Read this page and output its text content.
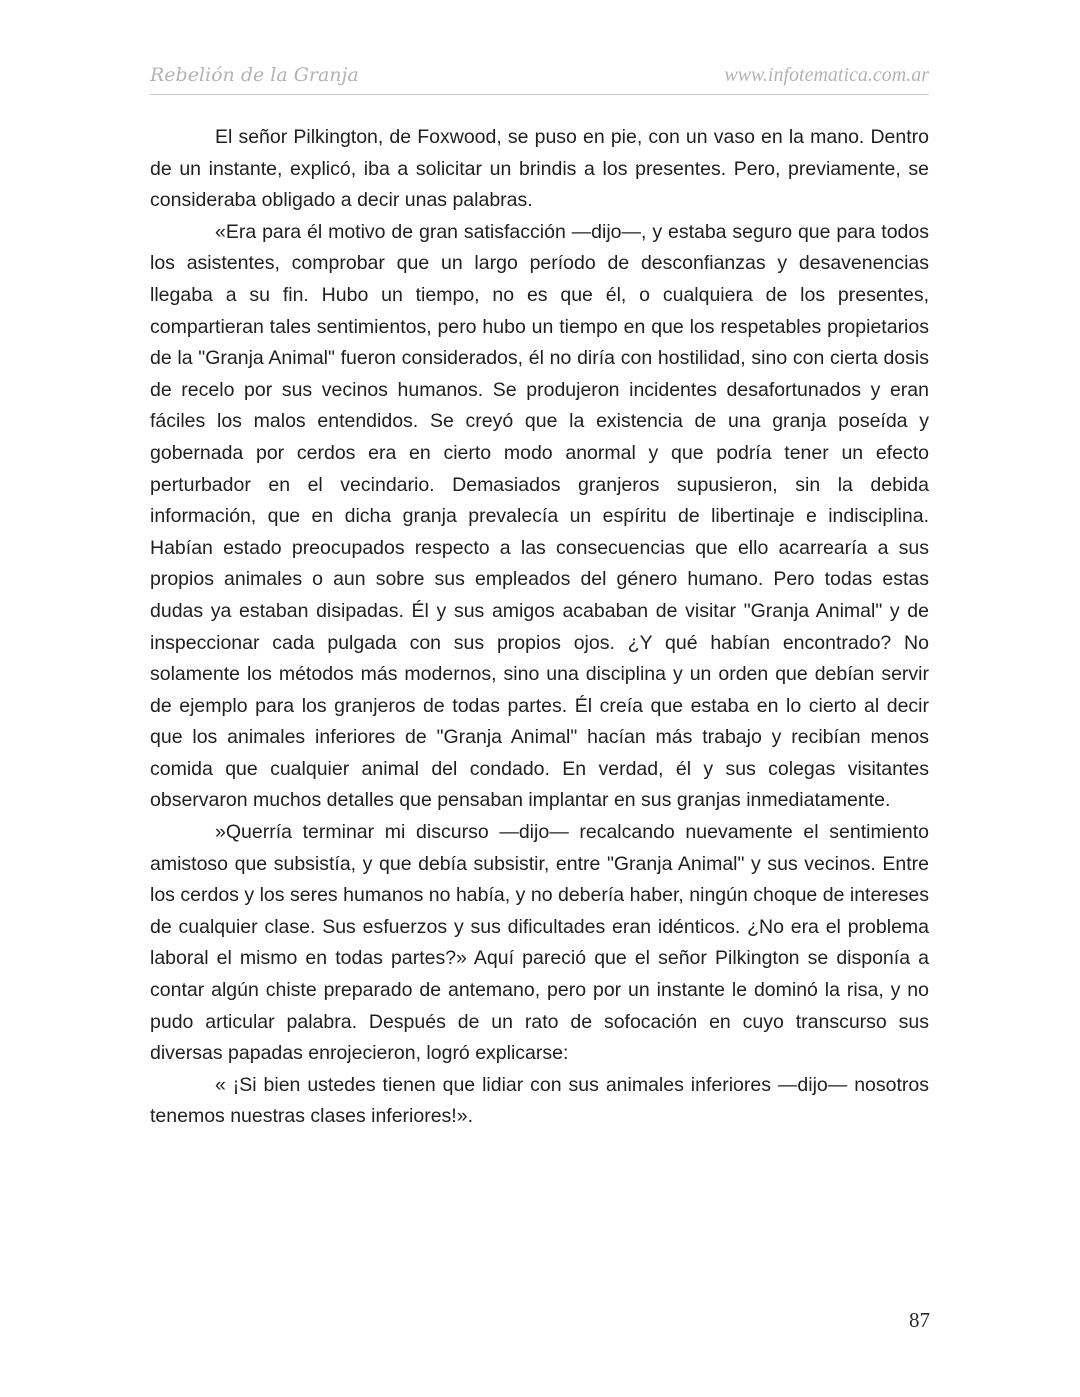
Rebelión de la Granja	www.infotematica.com.ar

El señor Pilkington, de Foxwood, se puso en pie, con un vaso en la mano. Dentro de un instante, explicó, iba a solicitar un brindis a los presentes. Pero, previamente, se consideraba obligado a decir unas palabras.

«Era para él motivo de gran satisfacción —dijo—, y estaba seguro que para todos los asistentes, comprobar que un largo período de desconfianzas y desavenencias llegaba a su fin. Hubo un tiempo, no es que él, o cualquiera de los presentes, compartieran tales sentimientos, pero hubo un tiempo en que los respetables propietarios de la "Granja Animal" fueron considerados, él no diría con hostilidad, sino con cierta dosis de recelo por sus vecinos humanos. Se produjeron incidentes desafortunados y eran fáciles los malos entendidos. Se creyó que la existencia de una granja poseída y gobernada por cerdos era en cierto modo anormal y que podría tener un efecto perturbador en el vecindario. Demasiados granjeros supusieron, sin la debida información, que en dicha granja prevalecía un espíritu de libertinaje e indisciplina. Habían estado preocupados respecto a las consecuencias que ello acarrearía a sus propios animales o aun sobre sus empleados del género humano. Pero todas estas dudas ya estaban disipadas. Él y sus amigos acababan de visitar "Granja Animal" y de inspeccionar cada pulgada con sus propios ojos. ¿Y qué habían encontrado? No solamente los métodos más modernos, sino una disciplina y un orden que debían servir de ejemplo para los granjeros de todas partes. Él creía que estaba en lo cierto al decir que los animales inferiores de "Granja Animal" hacían más trabajo y recibían menos comida que cualquier animal del condado. En verdad, él y sus colegas visitantes observaron muchos detalles que pensaban implantar en sus granjas inmediatamente.

»Querría terminar mi discurso —dijo— recalcando nuevamente el sentimiento amistoso que subsistía, y que debía subsistir, entre "Granja Animal" y sus vecinos. Entre los cerdos y los seres humanos no había, y no debería haber, ningún choque de intereses de cualquier clase. Sus esfuerzos y sus dificultades eran idénticos. ¿No era el problema laboral el mismo en todas partes?» Aquí pareció que el señor Pilkington se disponía a contar algún chiste preparado de antemano, pero por un instante le dominó la risa, y no pudo articular palabra. Después de un rato de sofocación en cuyo transcurso sus diversas papadas enrojecieron, logró explicarse:

« ¡Si bien ustedes tienen que lidiar con sus animales inferiores —dijo— nosotros tenemos nuestras clases inferiores!».

87
